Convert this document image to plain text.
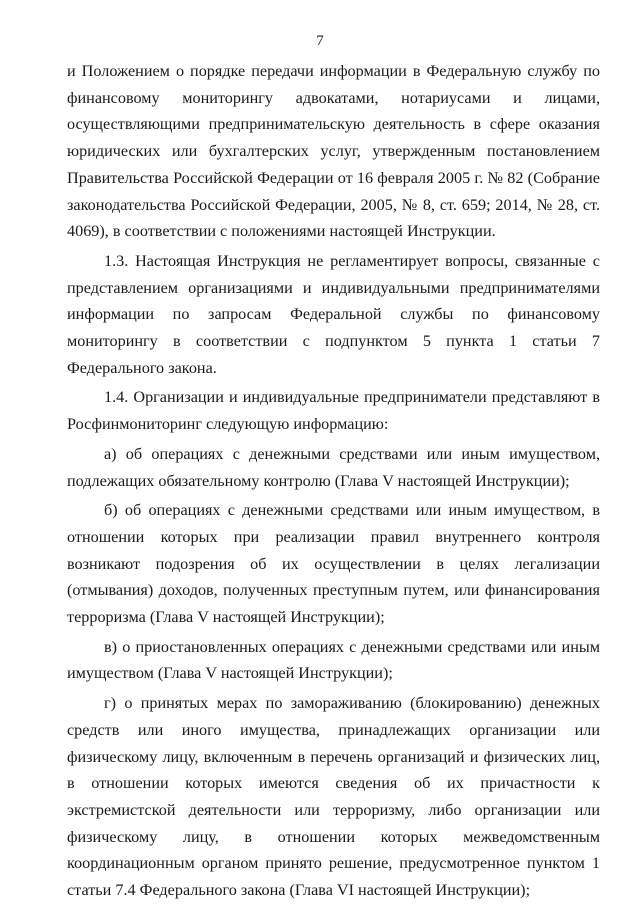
7

и Положением о порядке передачи информации в Федеральную службу по финансовому мониторингу адвокатами, нотариусами и лицами, осуществляющими предпринимательскую деятельность в сфере оказания юридических или бухгалтерских услуг, утвержденным постановлением Правительства Российской Федерации от 16 февраля 2005 г. № 82 (Собрание законодательства Российской Федерации, 2005, № 8, ст. 659; 2014, № 28, ст. 4069), в соответствии с положениями настоящей Инструкции.

1.3. Настоящая Инструкция не регламентирует вопросы, связанные с представлением организациями и индивидуальными предпринимателями информации по запросам Федеральной службы по финансовому мониторингу в соответствии с подпунктом 5 пункта 1 статьи 7 Федерального закона.

1.4. Организации и индивидуальные предприниматели представляют в Росфинмониторинг следующую информацию:

а) об операциях с денежными средствами или иным имуществом, подлежащих обязательному контролю (Глава V настоящей Инструкции);

б) об операциях с денежными средствами или иным имуществом, в отношении которых при реализации правил внутреннего контроля возникают подозрения об их осуществлении в целях легализации (отмывания) доходов, полученных преступным путем, или финансирования терроризма (Глава V настоящей Инструкции);

в) о приостановленных операциях с денежными средствами или иным имуществом (Глава V настоящей Инструкции);

г) о принятых мерах по замораживанию (блокированию) денежных средств или иного имущества, принадлежащих организации или физическому лицу, включенным в перечень организаций и физических лиц, в отношении которых имеются сведения об их причастности к экстремистской деятельности или терроризму, либо организации или физическому лицу, в отношении которых межведомственным координационным органом принято решение, предусмотренное пунктом 1 статьи 7.4 Федерального закона (Глава VI настоящей Инструкции);
